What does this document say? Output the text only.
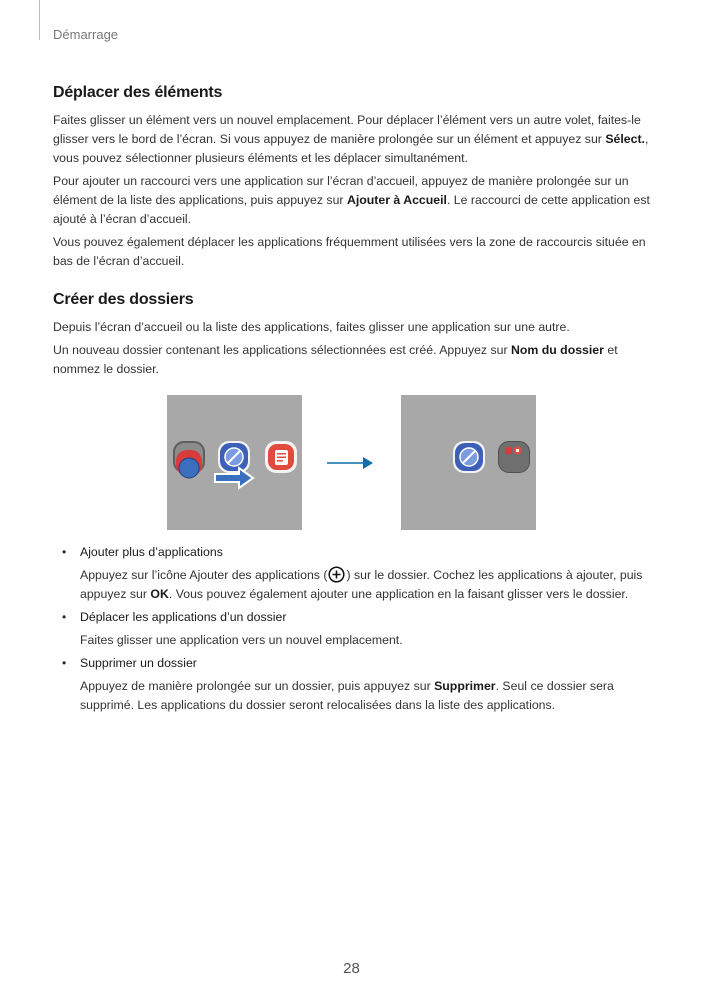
Démarrage
Déplacer des éléments

Faites glisser un élément vers un nouvel emplacement. Pour déplacer l’élément vers un autre volet, faites-le glisser vers le bord de l’écran. Si vous appuyez de manière prolongée sur un élément et appuyez sur Sélect., vous pouvez sélectionner plusieurs éléments et les déplacer simultanément.

Pour ajouter un raccourci vers une application sur l’écran d’accueil, appuyez de manière prolongée sur un élément de la liste des applications, puis appuyez sur Ajouter à Accueil. Le raccourci de cette application est ajouté à l’écran d’accueil.

Vous pouvez également déplacer les applications fréquemment utilisées vers la zone de raccourcis située en bas de l’écran d’accueil.

Créer des dossiers

Depuis l’écran d’accueil ou la liste des applications, faites glisser une application sur une autre.

Un nouveau dossier contenant les applications sélectionnées est créé. Appuyez sur Nom du dossier et nommez le dossier.

• Ajouter plus d’applications

Appuyez sur l’icône Ajouter des applications ( ) sur le dossier. Cochez les applications à ajouter, puis appuyez sur OK. Vous pouvez également ajouter une application en la faisant glisser vers le dossier.

• Déplacer les applications d’un dossier

Faites glisser une application vers un nouvel emplacement.

• Supprimer un dossier

Appuyez de manière prolongée sur un dossier, puis appuyez sur Supprimer. Seul ce dossier sera supprimé. Les applications du dossier seront relocalisées dans la liste des applications.

28
